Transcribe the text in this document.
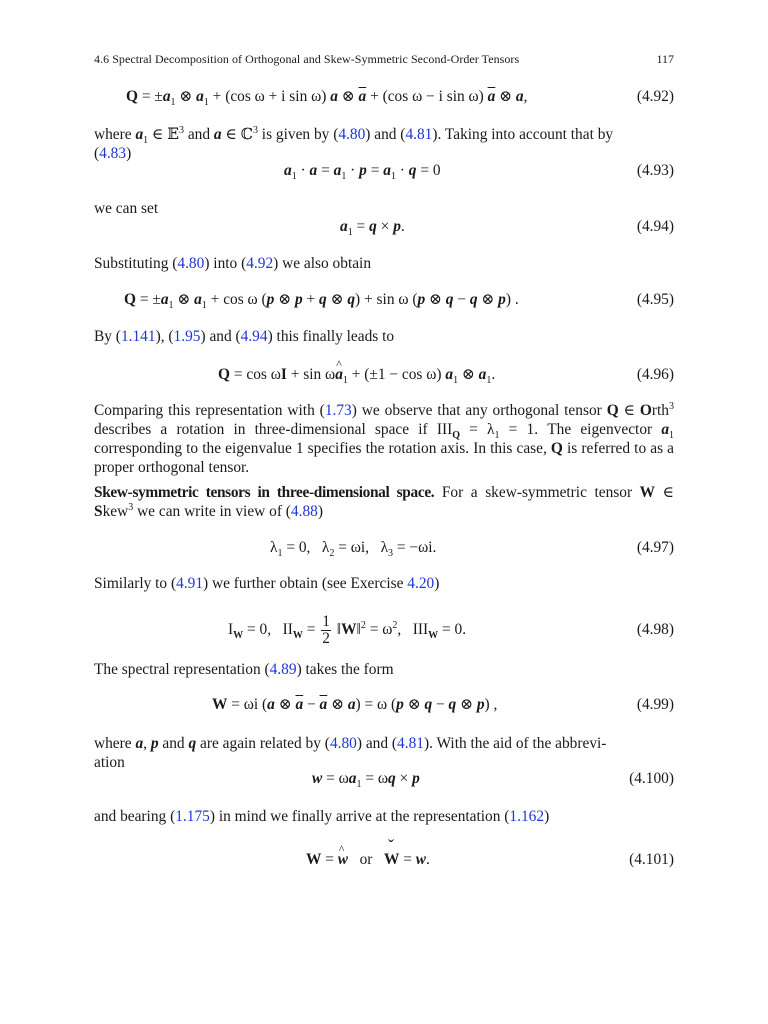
4.6 Spectral Decomposition of Orthogonal and Skew-Symmetric Second-Order Tensors	117
$Q = \pm a_1$ ⊗ $a_1 + (\cos$ ω + i sin ω) a ⊗ $\overline{a} + (\cos$ ω − i sin ω) $\overline{a}$ ⊗ a,	(4.92)
where $a_1$ ∈ 𝔼$^3$ and a ∈ ℂ$^3$ is given by (4.80) and (4.81). Taking into account that by
(4.83)
$a_1 \cdot a = a_1 \cdot p = a_1 \cdot q = 0$	(4.93)
we can set
$a_1 = q \times p$.	(4.94)
Substituting (4.80) into (4.92) we also obtain
$Q = \pm a_1$ ⊗ $a_1 + \cos \omega$ (p ⊗ p + q ⊗ q) + sin ω (p ⊗ q − q ⊗ p) .	(4.95)
By (1.141), (1.95) and (4.94) this finally leads to
Q = cos ωI + sin ωa $\^{}_1 + (\pm 1 - \cos \omega)$ $a_1$ ⊗ $a_1$.	(4.96)
Comparing this representation with (1.73) we observe that any orthogonal tensor Q ∈ Orth$^3$ describes a rotation in three-dimensional space if $III_Q = \lambda_1 = 1$. The eigenvector $a_1$ corresponding to the eigenvalue 1 specifies the rotation axis. In this case, Q is referred to as a proper orthogonal tensor.
Skew-symmetric tensors in three-dimensional space. For a skew-symmetric tensor W ∈ Skew$^3$ we can write in view of (4.88)
$\lambda_1 = 0$,   $\lambda_2 = \omega i$,   $\lambda_3 = -\omega i$.	(4.97)
Similarly to (4.91) we further obtain (see Exercise 4.20)
$I_W = 0$,   $II_W = \frac{1}{2}$ ‖W‖$^2$ = $\omega^2$,   $III_W = 0$.	(4.98)
The spectral representation (4.89) takes the form
W = ωi (a ⊗ $\overline{a} - \overline{a}$ ⊗ a) = ω (p ⊗ q − q ⊗ p) ,	(4.99)
where a, p and q are again related by (4.80) and (4.81). With the aid of the abbrevi-
ation
$w = \omega a_1 = \omega q \times p$	(4.100)
and bearing (1.175) in mind we finally arrive at the representation (1.162)
W = w ^   or   W ˇ = w.	(4.101)
